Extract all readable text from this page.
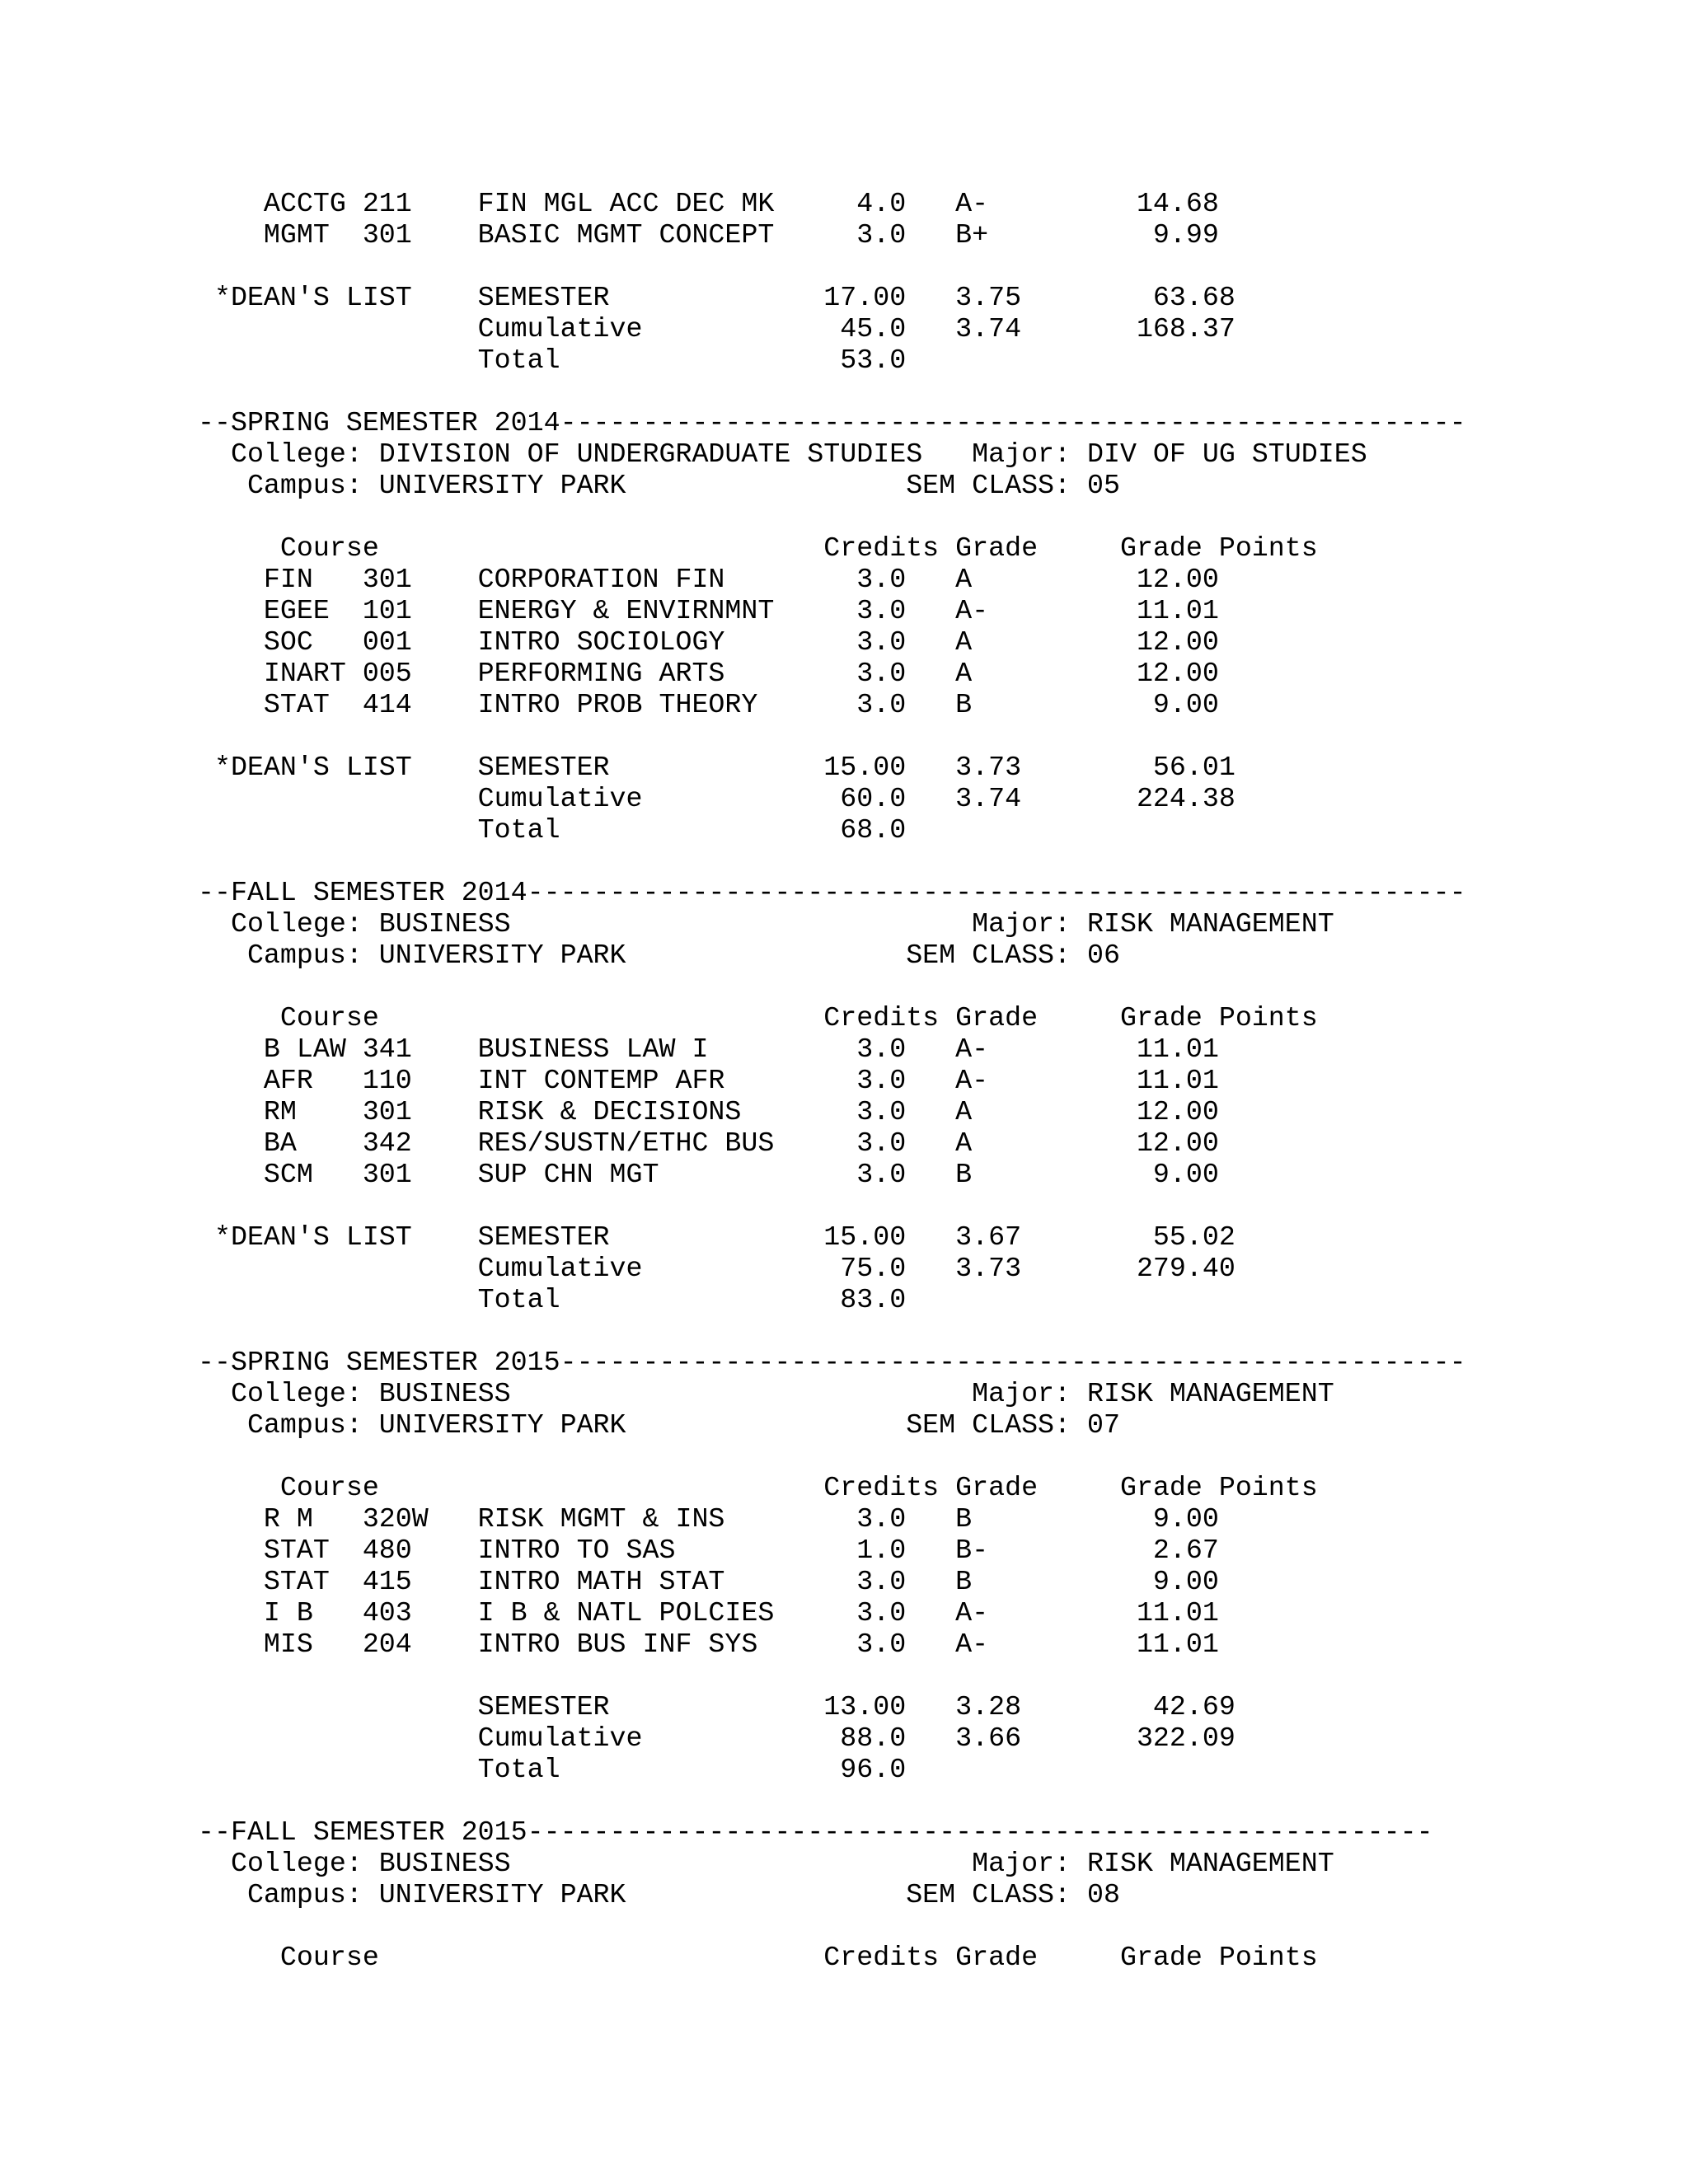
ACCTG 211    FIN MGL ACC DEC MK     4.0   A-         14.68
MGMT  301    BASIC MGMT CONCEPT     3.0   B+          9.99
*DEAN'S LIST    SEMESTER             17.00   3.75        63.68
Cumulative            45.0   3.74       168.37
Total                 53.0
--SPRING SEMESTER 2014-------------------------------------------------------
College: DIVISION OF UNDERGRADUATE STUDIES   Major: DIV OF UG STUDIES
Campus: UNIVERSITY PARK                 SEM CLASS: 05
Course                           Credits Grade     Grade Points
FIN   301    CORPORATION FIN        3.0   A          12.00
EGEE  101    ENERGY & ENVIRNMNT     3.0   A-         11.01
SOC   001    INTRO SOCIOLOGY        3.0   A          12.00
INART 005    PERFORMING ARTS        3.0   A          12.00
STAT  414    INTRO PROB THEORY      3.0   B           9.00
*DEAN'S LIST    SEMESTER             15.00   3.73        56.01
Cumulative            60.0   3.74       224.38
Total                 68.0
--FALL SEMESTER 2014---------------------------------------------------------
College: BUSINESS                            Major: RISK MANAGEMENT
Campus: UNIVERSITY PARK                 SEM CLASS: 06
Course                           Credits Grade     Grade Points
B LAW 341    BUSINESS LAW I         3.0   A-         11.01
AFR   110    INT CONTEMP AFR        3.0   A-         11.01
RM    301    RISK & DECISIONS       3.0   A          12.00
BA    342    RES/SUSTN/ETHC BUS     3.0   A          12.00
SCM   301    SUP CHN MGT            3.0   B           9.00
*DEAN'S LIST    SEMESTER             15.00   3.67        55.02
Cumulative            75.0   3.73       279.40
Total                 83.0
--SPRING SEMESTER 2015-------------------------------------------------------
College: BUSINESS                            Major: RISK MANAGEMENT
Campus: UNIVERSITY PARK                 SEM CLASS: 07
Course                           Credits Grade     Grade Points
R M   320W   RISK MGMT & INS        3.0   B           9.00
STAT  480    INTRO TO SAS           1.0   B-          2.67
STAT  415    INTRO MATH STAT        3.0   B           9.00
I B   403    I B & NATL POLCIES     3.0   A-         11.01
MIS   204    INTRO BUS INF SYS      3.0   A-         11.01
SEMESTER             13.00   3.28        42.69
Cumulative            88.0   3.66       322.09
Total                 96.0
--FALL SEMESTER 2015-------------------------------------------------------
College: BUSINESS                            Major: RISK MANAGEMENT
Campus: UNIVERSITY PARK                 SEM CLASS: 08
Course                           Credits Grade     Grade Points
